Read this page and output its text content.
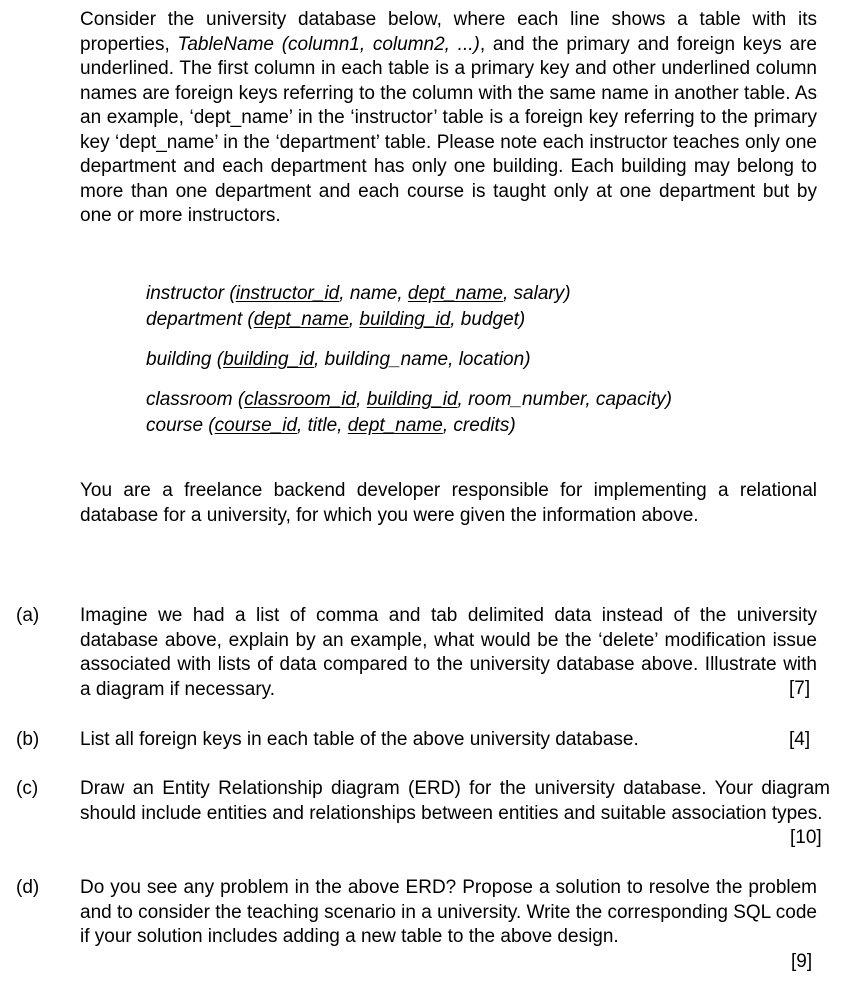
Consider the university database below, where each line shows a table with its properties, TableName (column1, column2, ...), and the primary and foreign keys are underlined. The first column in each table is a primary key and other underlined column names are foreign keys referring to the column with the same name in another table. As an example, ‘dept_name’ in the ‘instructor’ table is a foreign key referring to the primary key ‘dept_name’ in the ‘department’ table. Please note each instructor teaches only one department and each department has only one building. Each building may belong to more than one department and each course is taught only at one department but by one or more instructors.

instructor (instructor_id, name, dept_name, salary)
department (dept_name, building_id, budget)
building (building_id, building_name, location)
classroom (classroom_id, building_id, room_number, capacity)
course (course_id, title, dept_name, credits)

You are a freelance backend developer responsible for implementing a relational database for a university, for which you were given the information above.

(a) Imagine we had a list of comma and tab delimited data instead of the university database above, explain by an example, what would be the ‘delete’ modification issue associated with lists of data compared to the university database above. Illustrate with a diagram if necessary.	[7]
(b) List all foreign keys in each table of the above university database.	[4]
(c) Draw an Entity Relationship diagram (ERD) for the university database. Your diagram should include entities and relationships between entities and suitable association types.
[10]
(d) Do you see any problem in the above ERD? Propose a solution to resolve the problem and to consider the teaching scenario in a university. Write the corresponding SQL code if your solution includes adding a new table to the above design.
[9]
